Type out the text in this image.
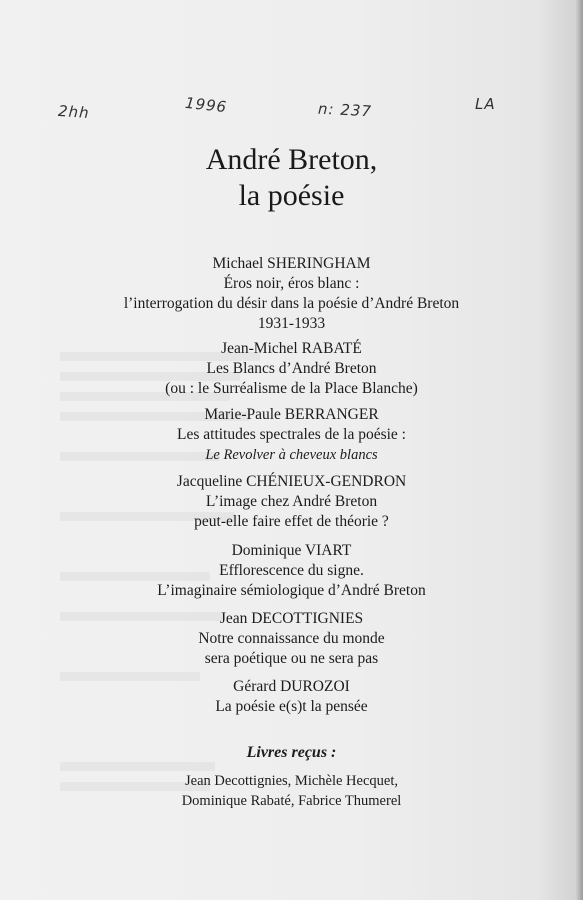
2hh	1996	n: 237	LA
André Breton,
la poésie
Michael SHERINGHAM
Éros noir, éros blanc :
l’interrogation du désir dans la poésie d’André Breton
1931-1933
Jean-Michel RABATÉ
Les Blancs d’André Breton
(ou : le Surréalisme de la Place Blanche)
Marie-Paule BERRANGER
Les attitudes spectrales de la poésie :
Le Revolver à cheveux blancs
Jacqueline CHÉNIEUX-GENDRON
L’image chez André Breton
peut-elle faire effet de théorie ?
Dominique VIART
Efflorescence du signe.
L’imaginaire sémiologique d’André Breton
Jean DECOTTIGNIES
Notre connaissance du monde
sera poétique ou ne sera pas
Gérard DUROZOI
La poésie e(s)t la pensée
Livres reçus :
Jean Decottignies, Michèle Hecquet,
Dominique Rabaté, Fabrice Thumerel
